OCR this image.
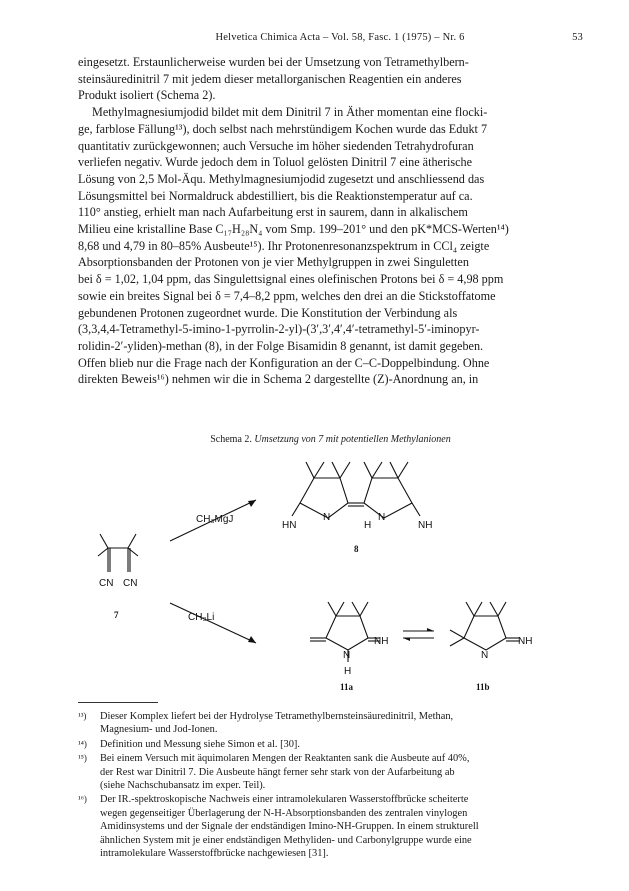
Helvetica Chimica Acta – Vol. 58, Fasc. 1 (1975) – Nr. 6	53

eingesetzt. Erstaunlicherweise wurden bei der Umsetzung von Tetramethylbern-
steinsäuredinitril 7 mit jedem dieser metallorganischen Reagentien ein anderes
Produkt isoliert (Schema 2).

Methylmagnesiumjodid bildet mit dem Dinitril 7 in Äther momentan eine flocki-
ge, farblose Fällung¹³), doch selbst nach mehrstündigem Kochen wurde das Edukt 7
quantitativ zurückgewonnen; auch Versuche im höher siedenden Tetrahydrofuran
verliefen negativ. Wurde jedoch dem in Toluol gelösten Dinitril 7 eine ätherische
Lösung von 2,5 Mol-Äqu. Methylmagnesiumjodid zugesetzt und anschliessend das
Lösungsmittel bei Normaldruck abdestilliert, bis die Reaktionstemperatur auf ca.
110° anstieg, erhielt man nach Aufarbeitung erst in saurem, dann in alkalischem
Milieu eine kristalline Base C₁₇H₂₈N₄ vom Smp. 199–201° und den pK*MCS-Werten¹⁴)
8,68 und 4,79 in 80–85% Ausbeute¹⁵). Ihr Protonenresonanzspektrum in CCl₄ zeigte
Absorptionsbanden der Protonen von je vier Methylgruppen in zwei Singuletten
bei δ = 1,02, 1,04 ppm, das Singulettsignal eines olefinischen Protons bei δ = 4,98 ppm
sowie ein breites Signal bei δ = 7,4–8,2 ppm, welches den drei an die Stickstoffatome
gebundenen Protonen zugeordnet wurde. Die Konstitution der Verbindung als
(3,3,4,4-Tetramethyl-5-imino-1-pyrrolin-2-yl)-(3′,3′,4′,4′-tetramethyl-5′-iminopyr-
rolidin-2′-yliden)-methan (8), in der Folge Bisamidin 8 genannt, ist damit gegeben.
Offen blieb nur die Frage nach der Konfiguration an der C–C-Doppelbindung. Ohne
direkten Beweis¹⁶) nehmen wir die in Schema 2 dargestellte (Z)-Anordnung an, in

Schema 2. Umsetzung von 7 mit potentiellen Methylanionen
CN CN
7
CH₃MgJ
CH₃Li
N	N
HN	H	NH
8
N
NH
H
N
NH
11a	11b
¹³)	Dieser Komplex liefert bei der Hydrolyse Tetramethylbernsteinsäuredinitril, Methan,
Magnesium- und Jod-Ionen.
¹⁴)	Definition und Messung siehe Simon et al. [30].
¹⁵)	Bei einem Versuch mit äquimolaren Mengen der Reaktanten sank die Ausbeute auf 40%,
der Rest war Dinitril 7. Die Ausbeute hängt ferner sehr stark von der Aufarbeitung ab
(siehe Nachschubansatz im exper. Teil).
¹⁶)	Der IR.-spektroskopische Nachweis einer intramolekularen Wasserstoffbrücke scheiterte
wegen gegenseitiger Überlagerung der N-H-Absorptionsbanden des zentralen vinylogen
Amidinsystems und der Signale der endständigen Imino-NH-Gruppen. In einem strukturell
ähnlichen System mit je einer endständigen Methyliden- und Carbonylgruppe wurde eine
intramolekulare Wasserstoffbrücke nachgewiesen [31].
